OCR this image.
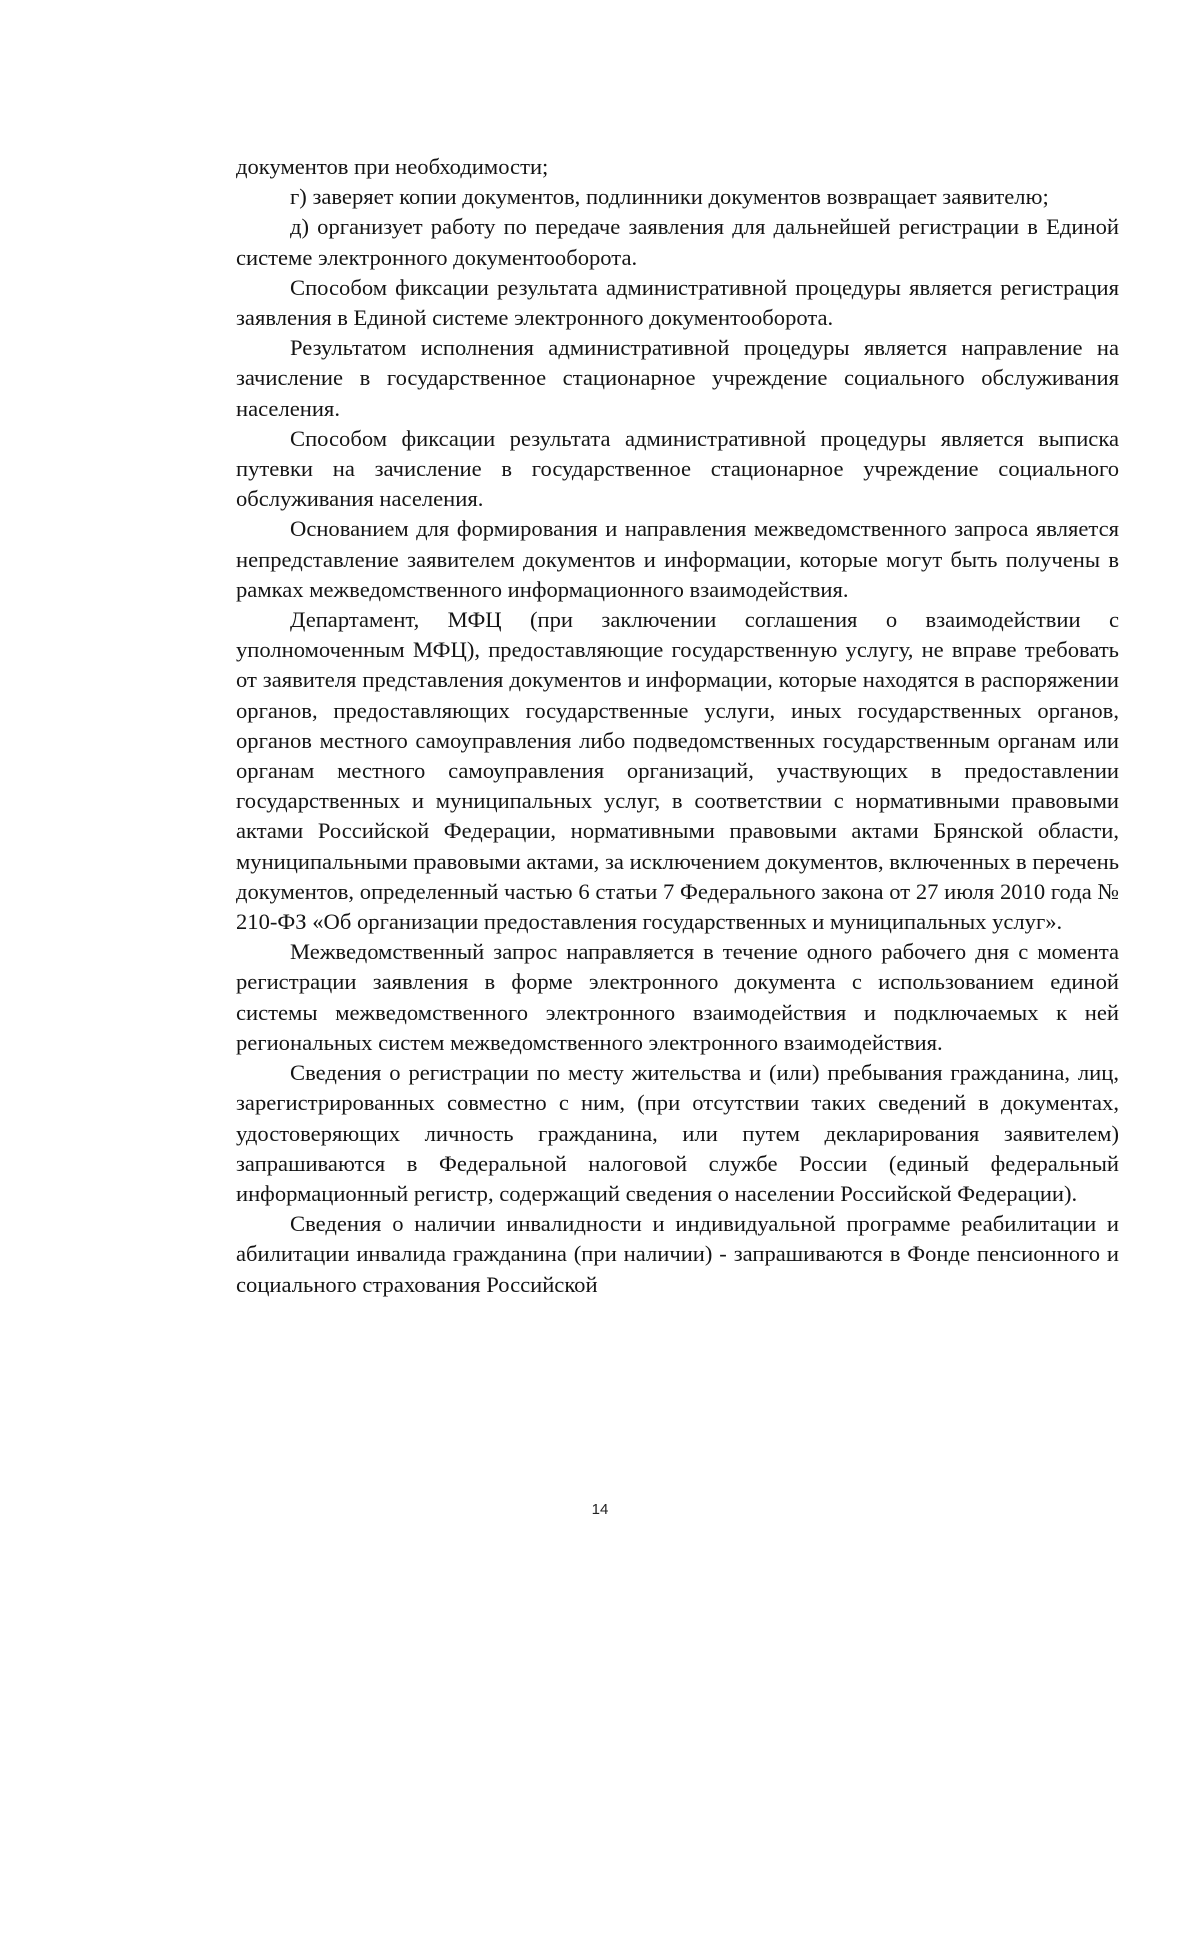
документов при необходимости;

г) заверяет копии документов, подлинники документов возвращает заявителю;

д) организует работу по передаче заявления для дальнейшей регистрации в Единой системе электронного документооборота.

Способом фиксации результата административной процедуры является регистрация заявления в Единой системе электронного документооборота.

Результатом исполнения административной процедуры является направление на зачисление в государственное стационарное учреждение социального обслуживания населения.

Способом фиксации результата административной процедуры является выписка путевки на зачисление в государственное стационарное учреждение социального обслуживания населения.

Основанием для формирования и направления межведомственного запроса является непредставление заявителем документов и информации, которые могут быть получены в рамках межведомственного информационного взаимодействия.

Департамент, МФЦ (при заключении соглашения о взаимодействии с уполномоченным МФЦ), предоставляющие государственную услугу, не вправе требовать от заявителя представления документов и информации, которые находятся в распоряжении органов, предоставляющих государственные услуги, иных государственных органов, органов местного самоуправления либо подведомственных государственным органам или органам местного самоуправления организаций, участвующих в предоставлении государственных и муниципальных услуг, в соответствии с нормативными правовыми актами Российской Федерации, нормативными правовыми актами Брянской области, муниципальными правовыми актами, за исключением документов, включенных в перечень документов, определенный частью 6 статьи 7 Федерального закона от 27 июля 2010 года № 210-ФЗ «Об организации предоставления государственных и муниципальных услуг».

Межведомственный запрос направляется в течение одного рабочего дня с момента регистрации заявления в форме электронного документа с использованием единой системы межведомственного электронного взаимодействия и подключаемых к ней региональных систем межведомственного электронного взаимодействия.

Сведения о регистрации по месту жительства и (или) пребывания гражданина, лиц, зарегистрированных совместно с ним, (при отсутствии таких сведений в документах, удостоверяющих личность гражданина, или путем декларирования заявителем) запрашиваются в Федеральной налоговой службе России (единый федеральный информационный регистр, содержащий сведения о населении Российской Федерации).

Сведения о наличии инвалидности и индивидуальной программе реабилитации и абилитации инвалида гражданина (при наличии) - запрашиваются в Фонде пенсионного и социального страхования Российской

14
